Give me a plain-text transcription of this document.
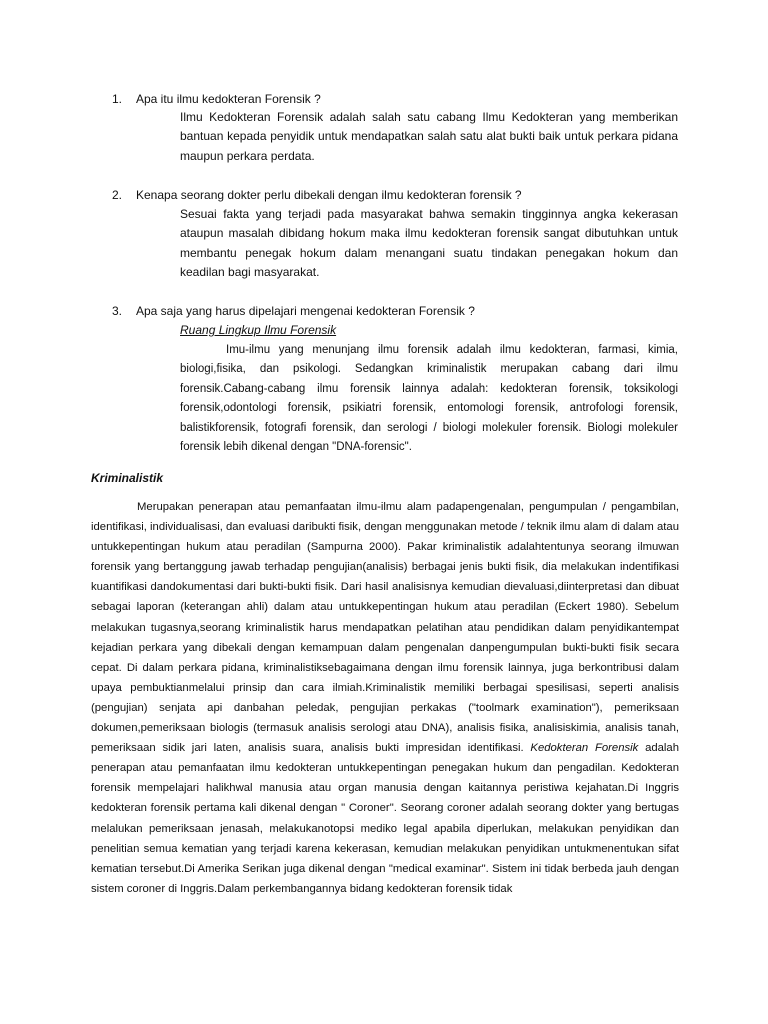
1. Apa itu ilmu kedokteran Forensik ?
Ilmu Kedokteran Forensik adalah salah satu cabang Ilmu Kedokteran yang memberikan bantuan kepada penyidik untuk mendapatkan salah satu alat bukti baik untuk perkara pidana maupun perkara perdata.
2. Kenapa seorang dokter perlu dibekali dengan ilmu kedokteran forensik ?
Sesuai fakta yang terjadi pada masyarakat bahwa semakin tingginnya angka kekerasan ataupun masalah dibidang hokum maka ilmu kedokteran forensik sangat dibutuhkan untuk membantu penegak hokum dalam menangani suatu tindakan penegakan hokum dan keadilan bagi masyarakat.
3. Apa saja yang harus dipelajari mengenai kedokteran Forensik ?
Ruang Lingkup Ilmu Forensik
Imu-ilmu yang menunjang ilmu forensik adalah ilmu kedokteran, farmasi, kimia, biologi,fisika, dan psikologi. Sedangkan kriminalistik merupakan cabang dari ilmu forensik.Cabang-cabang ilmu forensik lainnya adalah: kedokteran forensik, toksikologi forensik,odontologi forensik, psikiatri forensik, entomologi forensik, antrofologi forensik, balistikforensik, fotografi forensik, dan serologi / biologi molekuler forensik. Biologi molekuler forensik lebih dikenal dengan "DNA-forensic".
Kriminalistik
Merupakan penerapan atau pemanfaatan ilmu-ilmu alam padapengenalan, pengumpulan / pengambilan, identifikasi, individualisasi, dan evaluasi daribukti fisik, dengan menggunakan metode / teknik ilmu alam di dalam atau untukkepentingan hukum atau peradilan (Sampurna 2000). Pakar kriminalistik adalahtentunya seorang ilmuwan forensik yang bertanggung jawab terhadap pengujian(analisis) berbagai jenis bukti fisik, dia melakukan indentifikasi kuantifikasi dandokumentasi dari bukti-bukti fisik. Dari hasil analisisnya kemudian dievaluasi,diinterpretasi dan dibuat sebagai laporan (keterangan ahli) dalam atau untukkepentingan hukum atau peradilan (Eckert 1980). Sebelum melakukan tugasnya,seorang kriminalistik harus mendapatkan pelatihan atau pendidikan dalam penyidikantempat kejadian perkara yang dibekali dengan kemampuan dalam pengenalan danpengumpulan bukti-bukti fisik secara cepat. Di dalam perkara pidana, kriminalistiksebagaimana dengan ilmu forensik lainnya, juga berkontribusi dalam upaya pembuktianmelalui prinsip dan cara ilmiah.Kriminalistik memiliki berbagai spesilisasi, seperti analisis (pengujian) senjata api danbahan peledak, pengujian perkakas ("toolmark examination"), pemeriksaan dokumen,pemeriksaan biologis (termasuk analisis serologi atau DNA), analisis fisika, analisiskimia, analisis tanah, pemeriksaan sidik jari laten, analisis suara, analisis bukti impresidan identifikasi. Kedokteran Forensik adalah penerapan atau pemanfaatan ilmu kedokteran untukkepentingan penegakan hukum dan pengadilan. Kedokteran forensik mempelajari halikhwal manusia atau organ manusia dengan kaitannya peristiwa kejahatan.Di Inggris kedokteran forensik pertama kali dikenal dengan " Coroner". Seorang coroner adalah seorang dokter yang bertugas melalukan pemeriksaan jenasah, melakukanotopsi mediko legal apabila diperlukan, melakukan penyidikan dan penelitian semua kematian yang terjadi karena kekerasan, kemudian melakukan penyidikan untukmenentukan sifat kematian tersebut.Di Amerika Serikan juga dikenal dengan "medical examinar". Sistem ini tidak berbeda jauh dengan sistem coroner di Inggris.Dalam perkembangannya bidang kedokteran forensik tidak
